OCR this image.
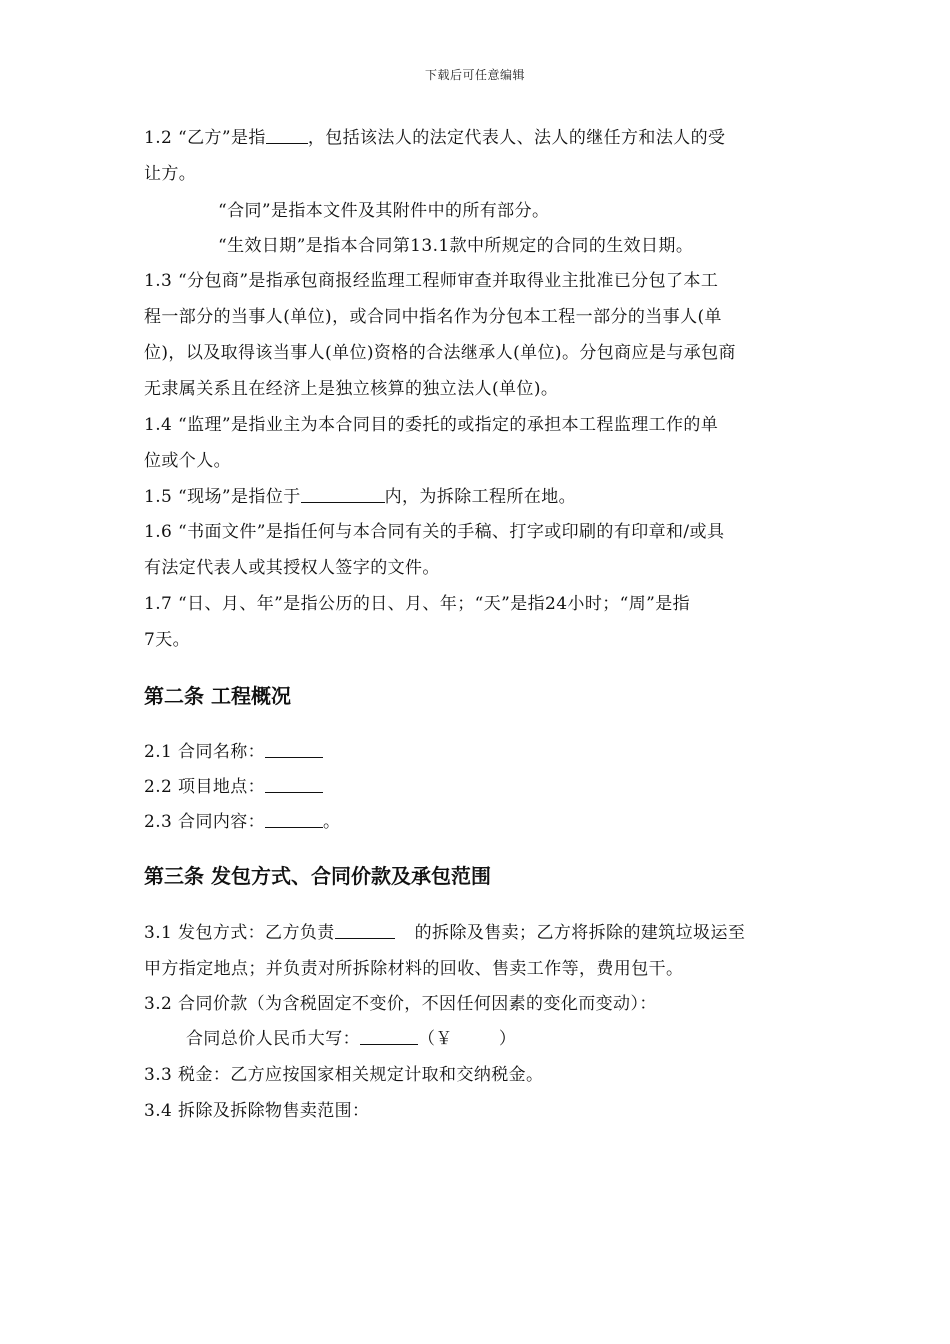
下载后可任意编辑
1.2 “乙方”是指 ，包括该法人的法定代表人、法人的继任方和法人的受
让方。
“合同”是指本文件及其附件中的所有部分。
“生效日期”是指本合同第13.1款中所规定的合同的生效日期。
1.3 “分包商”是指承包商报经监理工程师审查并取得业主批准已分包了本工
程一部分的当事人(单位)，或合同中指名作为分包本工程一部分的当事人(单
位)，以及取得该当事人(单位)资格的合法继承人(单位)。分包商应是与承包商
无隶属关系且在经济上是独立核算的独立法人(单位)。
1.4 “监理”是指业主为本合同目的委托的或指定的承担本工程监理工作的单
位或个人。
1.5 “现场”是指位于	内，为拆除工程所在地。
1.6 “书面文件”是指任何与本合同有关的手稿、打字或印刷的有印章和/或具
有法定代表人或其授权人签字的文件。
1.7 “日、月、年”是指公历的日、月、年；“天”是指24小时；“周”是指
7天。
第二条 工程概况
2.1 合同名称：
2.2 项目地点：
2.3 合同内容：	。
第三条 发包方式、合同价款及承包范围
3.1 发包方式：乙方负责	的拆除及售卖；乙方将拆除的建筑垃圾运至
甲方指定地点；并负责对所拆除材料的回收、售卖工作等，费用包干。
3.2 合同价款（为含税固定不变价，不因任何因素的变化而变动）：
合同总价人民币大写：	（￥	）
3.3 税金：乙方应按国家相关规定计取和交纳税金。
3.4 拆除及拆除物售卖范围：
